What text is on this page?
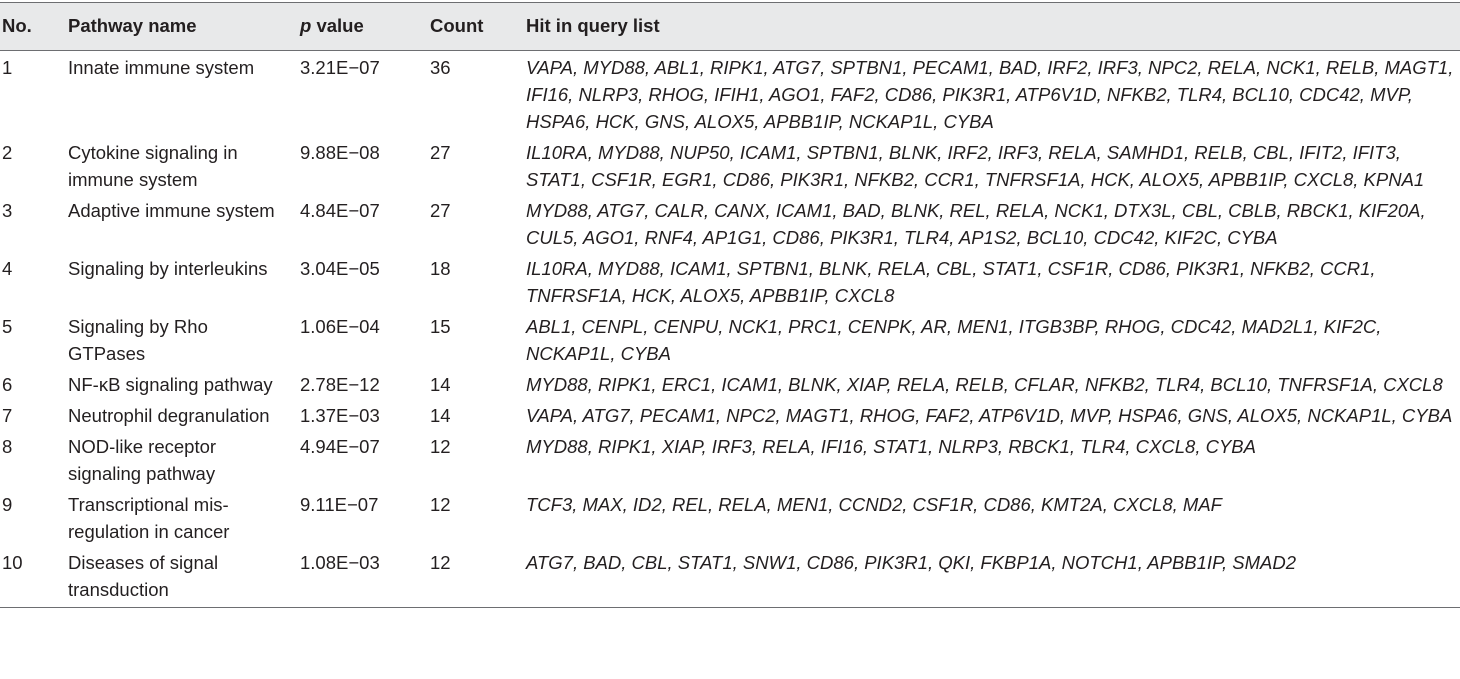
No.	Pathway name	p value	Count	Hit in query list
1	Innate immune system	3.21E−07	36	VAPA, MYD88, ABL1, RIPK1, ATG7, SPTBN1, PECAM1, BAD, IRF2, IRF3, NPC2, RELA, NCK1, RELB, MAGT1, IFI16, NLRP3, RHOG, IFIH1, AGO1, FAF2, CD86, PIK3R1, ATP6V1D, NFKB2, TLR4, BCL10, CDC42, MVP, HSPA6, HCK, GNS, ALOX5, APBB1IP, NCKAP1L, CYBA
2	Cytokine signaling in immune system	9.88E−08	27	IL10RA, MYD88, NUP50, ICAM1, SPTBN1, BLNK, IRF2, IRF3, RELA, SAMHD1, RELB, CBL, IFIT2, IFIT3, STAT1, CSF1R, EGR1, CD86, PIK3R1, NFKB2, CCR1, TNFRSF1A, HCK, ALOX5, APBB1IP, CXCL8, KPNA1
3	Adaptive immune system	4.84E−07	27	MYD88, ATG7, CALR, CANX, ICAM1, BAD, BLNK, REL, RELA, NCK1, DTX3L, CBL, CBLB, RBCK1, KIF20A, CUL5, AGO1, RNF4, AP1G1, CD86, PIK3R1, TLR4, AP1S2, BCL10, CDC42, KIF2C, CYBA
4	Signaling by interleukins	3.04E−05	18	IL10RA, MYD88, ICAM1, SPTBN1, BLNK, RELA, CBL, STAT1, CSF1R, CD86, PIK3R1, NFKB2, CCR1, TNFRSF1A, HCK, ALOX5, APBB1IP, CXCL8
5	Signaling by Rho GTPases	1.06E−04	15	ABL1, CENPL, CENPU, NCK1, PRC1, CENPK, AR, MEN1, ITGB3BP, RHOG, CDC42, MAD2L1, KIF2C, NCKAP1L, CYBA
6	NF-κB signaling pathway	2.78E−12	14	MYD88, RIPK1, ERC1, ICAM1, BLNK, XIAP, RELA, RELB, CFLAR, NFKB2, TLR4, BCL10, TNFRSF1A, CXCL8
7	Neutrophil degranulation	1.37E−03	14	VAPA, ATG7, PECAM1, NPC2, MAGT1, RHOG, FAF2, ATP6V1D, MVP, HSPA6, GNS, ALOX5, NCKAP1L, CYBA
8	NOD-like receptor signaling pathway	4.94E−07	12	MYD88, RIPK1, XIAP, IRF3, RELA, IFI16, STAT1, NLRP3, RBCK1, TLR4, CXCL8, CYBA
9	Transcriptional mis-regulation in cancer	9.11E−07	12	TCF3, MAX, ID2, REL, RELA, MEN1, CCND2, CSF1R, CD86, KMT2A, CXCL8, MAF
10	Diseases of signal transduction	1.08E−03	12	ATG7, BAD, CBL, STAT1, SNW1, CD86, PIK3R1, QKI, FKBP1A, NOTCH1, APBB1IP, SMAD2
